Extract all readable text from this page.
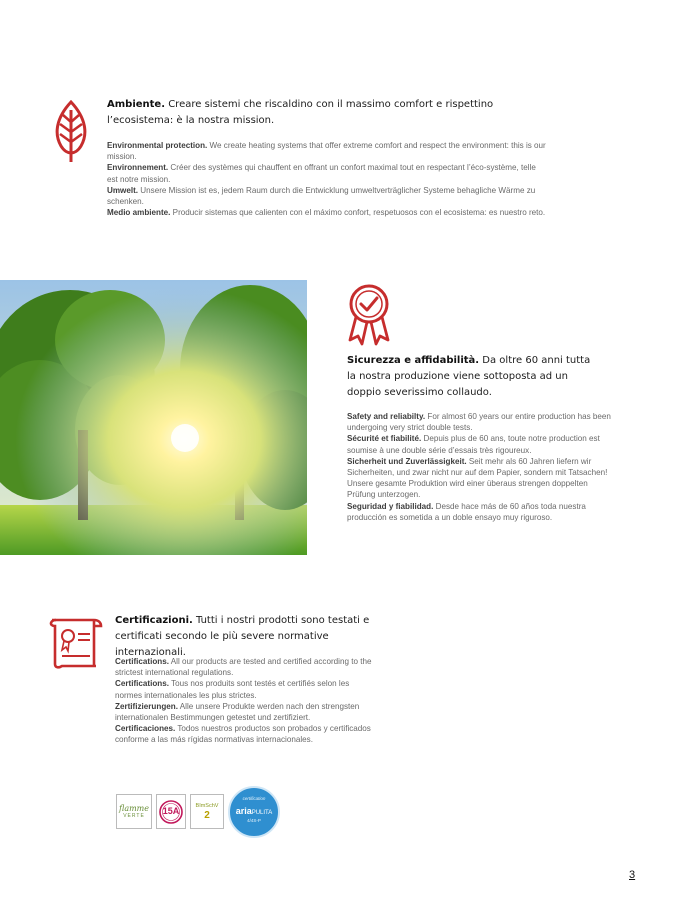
Ambiente. Creare sistemi che riscaldino con il massimo comfort e rispettino l’ecosistema: è la nostra mission.

Environmental protection. We create heating systems that offer extreme comfort and respect the environment: this is our mission.

Environnement. Créer des systèmes qui chauffent en offrant un confort maximal tout en respectant l’éco-système, telle est notre mission.

Umwelt. Unsere Mission ist es, jedem Raum durch die Entwicklung umweltverträglicher Systeme behagliche Wärme zu schenken.

Medio ambiente. Producir sistemas que calienten con el máximo confort, respetuosos con el ecosistema: es nuestro reto.

Sicurezza e affidabilità. Da oltre 60 anni tutta la nostra produzione viene sottoposta ad un doppio severissimo collaudo.

Safety and reliabilty. For almost 60 years our entire production has been undergoing very strict double tests.

Sécurité et fiabilité. Depuis plus de 60 ans, toute notre production est soumise à une double série d’essais très rigoureux.

Sicherheit und Zuverlässigkeit. Seit mehr als 60 Jahren liefern wir Sicherheiten, und zwar nicht nur auf dem Papier, sondern mit Tatsachen! Unsere gesamte Produktion wird einer überaus strengen doppelten Prüfung unterzogen.

Seguridad y fiabilidad. Desde hace más de 60 años toda nuestra producción es sometida a un doble ensayo muy riguroso.

Certificazioni. Tutti i nostri prodotti sono testati e certificati secondo le più severe normative internazionali.

Certifications. All our products are tested and certified according to the strictest international regulations.

Certifications. Tous nos produits sont testés et certifiés selon les normes internationales les plus strictes.

Zertifizierungen. Alle unsere Produkte werden nach den strengsten internationalen Bestimmungen getestet und zertifiziert.

Certificaciones. Todos nuestros productos son probados y certificados conforme a las más rígidas normativas internacionales.

flamme
VERTE	15A	BImSchV
2
certification
ariaPULITA
4/4S-P
3
